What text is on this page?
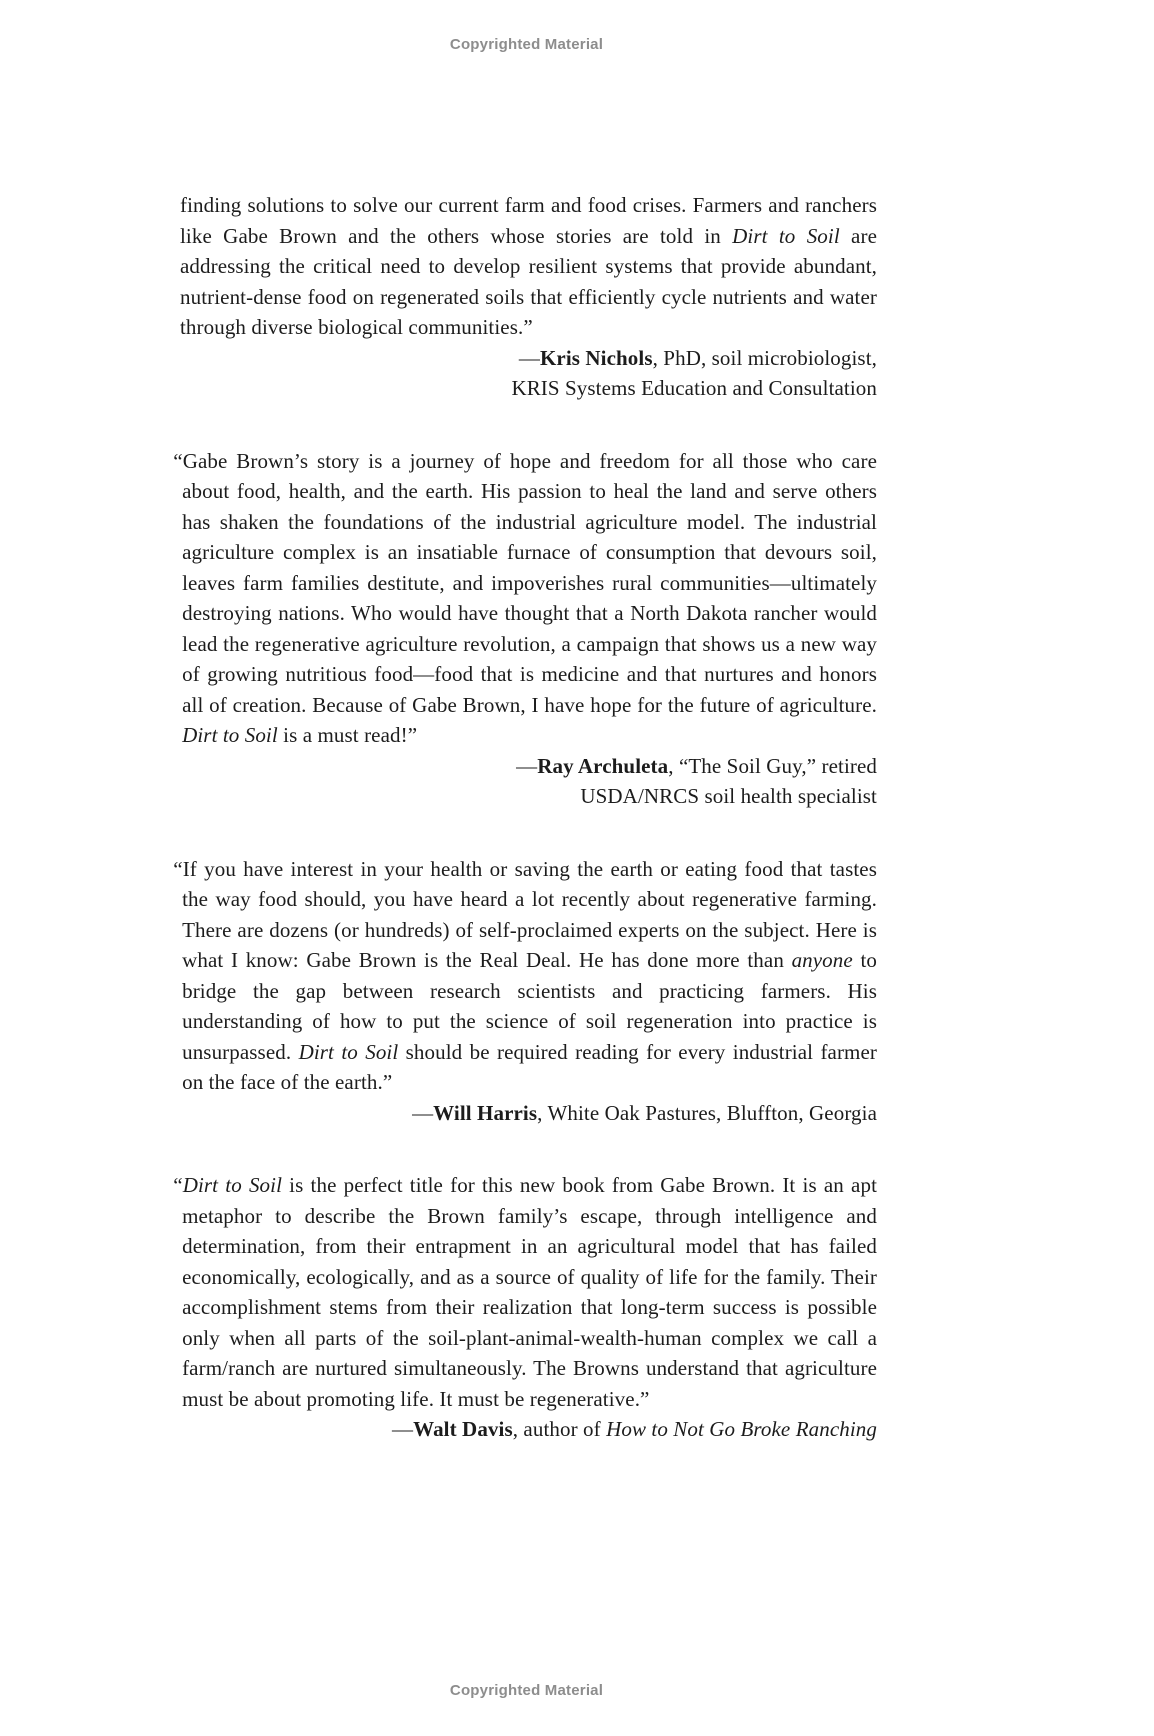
Copyrighted Material

finding solutions to solve our current farm and food crises. Farmers and ranchers like Gabe Brown and the others whose stories are told in Dirt to Soil are addressing the critical need to develop resilient systems that provide abundant, nutrient-dense food on regenerated soils that efficiently cycle nutrients and water through diverse biological communities.”

—Kris Nichols, PhD, soil microbiologist,
KRIS Systems Education and Consultation

“Gabe Brown’s story is a journey of hope and freedom for all those who care about food, health, and the earth. His passion to heal the land and serve others has shaken the foundations of the industrial agriculture model. The industrial agriculture complex is an insatiable furnace of consumption that devours soil, leaves farm families destitute, and impoverishes rural communities—ultimately destroying nations. Who would have thought that a North Dakota rancher would lead the regenerative agriculture revolution, a campaign that shows us a new way of growing nutritious food—food that is medicine and that nurtures and honors all of creation. Because of Gabe Brown, I have hope for the future of agriculture. Dirt to Soil is a must read!”

—Ray Archuleta, “The Soil Guy,” retired
USDA/NRCS soil health specialist

“If you have interest in your health or saving the earth or eating food that tastes the way food should, you have heard a lot recently about regenerative farming. There are dozens (or hundreds) of self-proclaimed experts on the subject. Here is what I know: Gabe Brown is the Real Deal. He has done more than anyone to bridge the gap between research scientists and practicing farmers. His understanding of how to put the science of soil regeneration into practice is unsurpassed. Dirt to Soil should be required reading for every industrial farmer on the face of the earth.”

—Will Harris, White Oak Pastures, Bluffton, Georgia

“Dirt to Soil is the perfect title for this new book from Gabe Brown. It is an apt metaphor to describe the Brown family’s escape, through intelligence and determination, from their entrapment in an agricultural model that has failed economically, ecologically, and as a source of quality of life for the family. Their accomplishment stems from their realization that long-term success is possible only when all parts of the soil-plant-animal-wealth-human complex we call a farm/ranch are nurtured simultaneously. The Browns understand that agriculture must be about promoting life. It must be regenerative.”

—Walt Davis, author of How to Not Go Broke Ranching
Copyrighted Material
